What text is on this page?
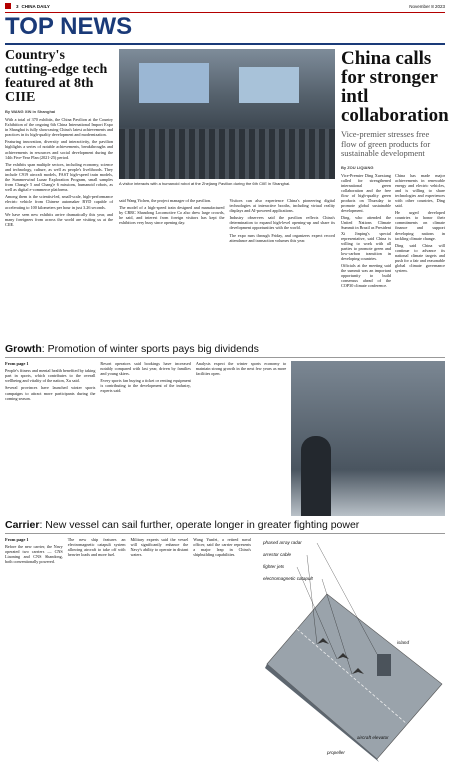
3 CHINA DAILY	November 8 2023
TOP NEWS
Country's cutting-edge tech featured at 8th CIIE
By WANG XIN in Shanghai

With a total of 370 exhibits, the China Pavilion at the Country Exhibition of the ongoing 6th China International Import Expo in Shanghai is fully showcasing China's latest achievements and practices in its high-quality development and modernization.

Featuring innovation, diversity and interactivity, the pavilion highlights a series of notable achievements, breakthroughs and achievements in resources and social development during the 14th Five-Year Plan (2021-25) period.

The exhibits span multiple sectors, including economy, science and technology, culture, as well as people's livelihoods. They include C919 aircraft models, FAST high-speed train models, the Summerwind Lunar Exploration Program, small samples from Chang'e 5 and Chang'e 6 missions, humanoid robots, as well as digital e-commerce platforms.

Among them is the scientist-led, small-scale, high-performance electric vehicle from Chinese automaker BYD capable of accelerating to 100 kilometers per hour in just 3.26 seconds.

We have seen new exhibits arrive dramatically this year, and many foreigners from across the world are visiting us at the CIIE.

A visitor interacts with a humanoid robot at the Zhejiang Pavilion during the 6th CIIE in Shanghai.

said Wang Yichen, the project manager of the pavilion.

The model of a high-speed train designed and manufactured by CRRC Shandong Locomotive Co also drew large crowds, he said, and interest from foreign visitors has kept the exhibitors very busy since opening day.

Visitors can also experience China's pioneering digital technologies at interactive booths, including virtual reality displays and AI-powered applications.

Industry observers said the pavilion reflects China's determination to expand high-level opening-up and share its development opportunities with the world.

The expo runs through Friday, and organizers expect record attendance and transaction volumes this year.

China calls for stronger intl collaboration
Vice-premier stresses free flow of green products for sustainable development
By ZOU LIQIANG

Vice-Premier Ding Xuexiang called for strengthened international green collaboration and the free flow of high-quality green products on Thursday to promote global sustainable development.

Ding, who attended the United Nations Climate Summit in Brazil as President Xi Jinping's special representative, said China is willing to work with all parties to promote green and low-carbon transition in developing countries.

Officials at the meeting said the summit was an important opportunity to build consensus ahead of the COP30 climate conference.

China has made major achievements in renewable energy and electric vehicles, and is willing to share technologies and experiences with other countries, Ding said.

He urged developed countries to honor their commitments on climate finance and support developing nations in tackling climate change.

Ding said China will continue to advance its national climate targets and push for a fair and reasonable global climate governance system.

Growth: Promotion of winter sports pays big dividends

From page 1

People's fitness and mental health benefited by taking part in sports, which contributes to the overall wellbeing and vitality of the nation, Xu said.

Several provinces have launched winter sports campaigns to attract more participants during the coming season.

Resort operators said bookings have increased notably compared with last year, driven by families and young skiers.

Every sports fan buying a ticket or renting equipment is contributing to the development of the industry, experts said.

Analysts expect the winter sports economy to maintain strong growth in the next few years as more facilities open.

Carrier: New vessel can sail further, operate longer in greater fighting power

From page 1

Before the new carrier, the Navy operated two carriers — CNS Liaoning and CNS Shandong, both conventionally powered.

The new ship features an electromagnetic catapult system allowing aircraft to take off with heavier loads and more fuel.

Military experts said the vessel will significantly enhance the Navy's ability to operate in distant waters.

Wang Yunfei, a retired naval officer, said the carrier represents a major leap in China's shipbuilding capabilities.

phased array radar
arrestor cable
fighter jets
island
electromagnetic catapult
aircraft elevator
propeller
